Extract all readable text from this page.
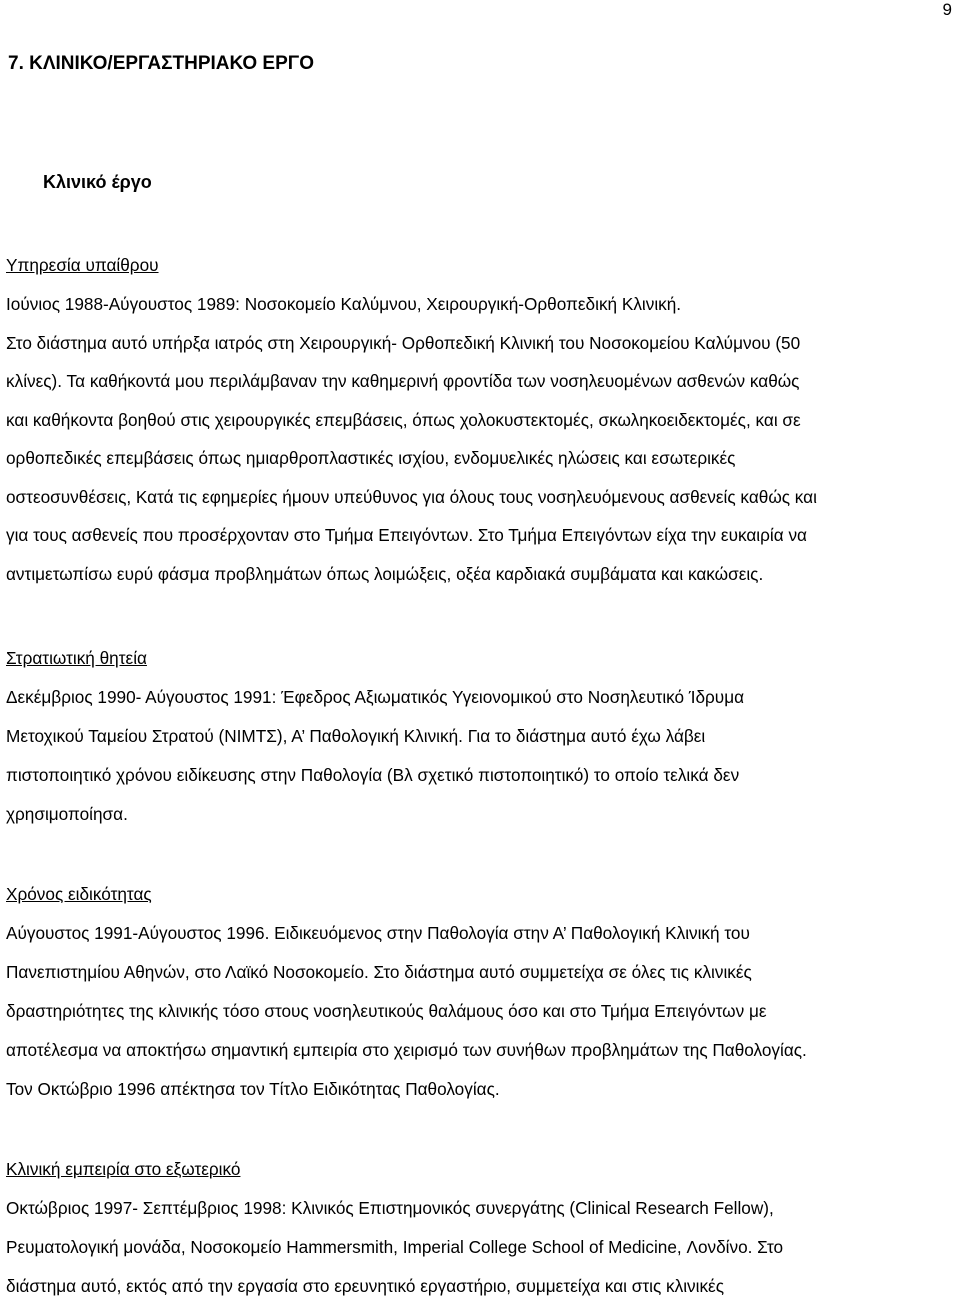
9
7. ΚΛΙΝΙΚΟ/ΕΡΓΑΣΤΗΡΙΑΚΟ ΕΡΓΟ
Κλινικό έργο

Υπηρεσία υπαίθρου

Ιούνιος 1988-Αύγουστος 1989: Νοσοκομείο Καλύμνου, Χειρουργική-Ορθοπεδική Κλινική.

Στο διάστημα αυτό υπήρξα ιατρός στη Χειρουργική- Ορθοπεδική Κλινική του Νοσοκομείου Καλύμνου (50

κλίνες). Τα καθήκοντά μου περιλάμβαναν την καθημερινή φροντίδα των νοσηλευομένων ασθενών καθώς

και καθήκοντα βοηθού στις χειρουργικές επεμβάσεις, όπως χολοκυστεκτομές, σκωληκοειδεκτομές, και σε

ορθοπεδικές επεμβάσεις όπως ημιαρθροπλαστικές ισχίου, ενδομυελικές ηλώσεις και εσωτερικές

οστεοσυνθέσεις, Κατά τις εφημερίες ήμουν υπεύθυνος για όλους τους νοσηλευόμενους ασθενείς καθώς και

για τους ασθενείς που προσέρχονταν στο Τμήμα Επειγόντων. Στο Τμήμα Επειγόντων είχα την ευκαιρία να

αντιμετωπίσω ευρύ φάσμα προβλημάτων όπως λοιμώξεις, οξέα καρδιακά συμβάματα και κακώσεις.

Στρατιωτική θητεία

Δεκέμβριος 1990- Αύγουστος 1991: Έφεδρος Αξιωματικός Υγειονομικού στο Νοσηλευτικό Ίδρυμα

Μετοχικού Ταμείου Στρατού (ΝΙΜΤΣ), Α’ Παθολογική Κλινική. Για το διάστημα αυτό έχω λάβει

πιστοποιητικό χρόνου ειδίκευσης στην Παθολογία (Βλ σχετικό πιστοποιητικό) το οποίο τελικά δεν

χρησιμοποίησα.

Χρόνος ειδικότητας

Αύγουστος 1991-Αύγουστος 1996. Ειδικευόμενος στην Παθολογία στην Α’ Παθολογική Κλινική του

Πανεπιστημίου Αθηνών, στο Λαϊκό Νοσοκομείο. Στο διάστημα αυτό συμμετείχα σε όλες τις κλινικές

δραστηριότητες της κλινικής τόσο στους νοσηλευτικούς θαλάμους όσο και στο Τμήμα Επειγόντων με

αποτέλεσμα να αποκτήσω σημαντική εμπειρία στο χειρισμό των συνήθων προβλημάτων της Παθολογίας.

Τον Οκτώβριο 1996 απέκτησα τον Τίτλο Ειδικότητας Παθολογίας.

Κλινική εμπειρία στο εξωτερικό

Οκτώβριος 1997- Σεπτέμβριος 1998: Κλινικός Επιστημονικός συνεργάτης (Clinical Research Fellow),

Ρευματολογική μονάδα, Νοσοκομείο Hammersmith, Imperial College School of Medicine, Λονδίνο. Στο

διάστημα αυτό, εκτός από την εργασία στο ερευνητικό εργαστήριο, συμμετείχα και στις κλινικές
